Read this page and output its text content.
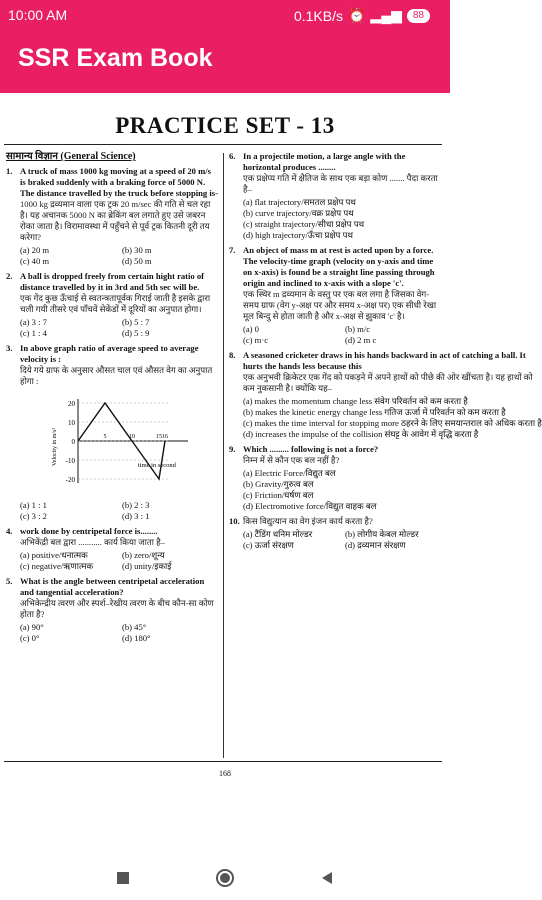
10:00 AM	0.1KB/s ⏰ ▂▄▆	88
SSR Exam Book
PRACTICE SET - 13
सामान्य विज्ञान (General Science)
1. A truck of mass 1000 kg moving at a speed of 20 m/s is braked suddenly with a braking force of 5000 N. The distance travelled by the truck before stopping is-
1000 kg द्रव्यमान वाला एक ट्रक 20 m/sec की गति से चल रहा है। यह अचानक 5000 N का ब्रेकिंग बल लगाते हुए उसे जबरन रोका जाता है। विरामावस्था में पहुँचने से पूर्व ट्रक कितनी दूरी तय करेगा?
(a) 20 m	(b) 30 m
(c) 40 m	(d) 50 m
2. A ball is dropped freely from certain hight ratio of distance travelled by it in 3rd and 5th sec will be.
एक गेंद कुछ ऊँचाई से स्वतन्त्रतापूर्वक गिराई जाती है इसके द्वारा चली गयी तीसरे एवं पाँचवें सेकेंडों में दूरियों का अनुपात होगा।
(a) 3 : 7	(b) 5 : 7
(c) 1 : 4	(d) 5 : 9
3. In above graph ratio of average speed to average velocity is :
दिये गये ग्राफ के अनुसार औसत चाल एवं औसत वेग का अनुपात होगा :
20
10
0
-10
-20
5	10	15 16
time in second
Velocity in m/s²
(a) 1 : 1	(b) 2 : 3
(c) 3 : 2	(d) 3 : 1
4. work done by centripetal force is........
अभिकेंद्री बल द्वारा ........... कार्य किया जाता है–
(a) positive/धनात्मक	(b) zero/शून्य
(c) negative/ऋणात्मक	(d) unity/इकाई
5. What is the angle between centripetal acceleration and tangential acceleration?
अभिकेन्द्रीय त्वरण और स्पर्श–रेखीय त्वरण के बीच कौन-सा कोण होता है?
(a) 90°	(b) 45°
(c) 0°	(d) 180°
6. In a projectile motion, a large angle with the horizontal produces ........
एक प्रक्षेप्य गति में क्षैतिज के साथ एक बड़ा कोण ....... पैदा करता है–
(a) flat trajectory/समतल प्रक्षेप पथ
(b) curve trajectory/वक्र प्रक्षेप पथ
(c) straight trajectory/सीधा प्रक्षेप पथ
(d) high trajectory/ऊँचा प्रक्षेप पथ
7. An object of mass m at rest is acted upon by a force. The velocity-time graph (velocity on y-axis and time on x-axis) is found be a straight line passing through origin and inclined to x-axis with a slope 'c'.
एक स्थिर m द्रव्यमान के वस्तु पर एक बल लगा है जिसका वेग-समय ग्राफ (वेग y-अक्ष पर और समय x-अक्ष पर) एक सीधी रेखा मूल बिन्दु से होता जाती है और x-अक्ष से झुकाव 'c' है।
(a) 0	(b) m/c
(c) m·c	(d) 2 m c
8. A seasoned cricketer draws in his hands backward in act of catching a ball. It hurts the hands less because this
एक अनुभवी क्रिकेटर एक गेंद को पकड़ने में अपने हाथों को पीछे की ओर खींचता है। यह हाथों को कम नुकसानी है। क्योंकि यह–
(a) makes the momentum change less संवेग परिवर्तन को कम करता है
(b) makes the kinetic energy change less गतिज ऊर्जा में परिवर्तन को कम करता है
(c) makes the time interval for stopping more ठहरने के लिए समयान्तराल को अधिक करता है
(d) increases the impulse of the collision संघट्ट के आवेग में वृद्धि करता है
9. Which ......... following is not a force?
निम्न में से कौन एक बल नहीं है?
(a) Electric Force/विद्युत बल
(b) Gravity/गुरुत्व बल
(c) Friction/घर्षण बल
(d) Electromotive force/विद्युत वाहक बल
10. किस विद्युत्यान का वेग इंजन कार्य करता है?
(a) टैंडिंग धनिम मोल्डर	(b) लोगीय केबल मोल्डर
(c) ऊर्जा संरक्षण	(d) द्रव्यमान संरक्षण
168
